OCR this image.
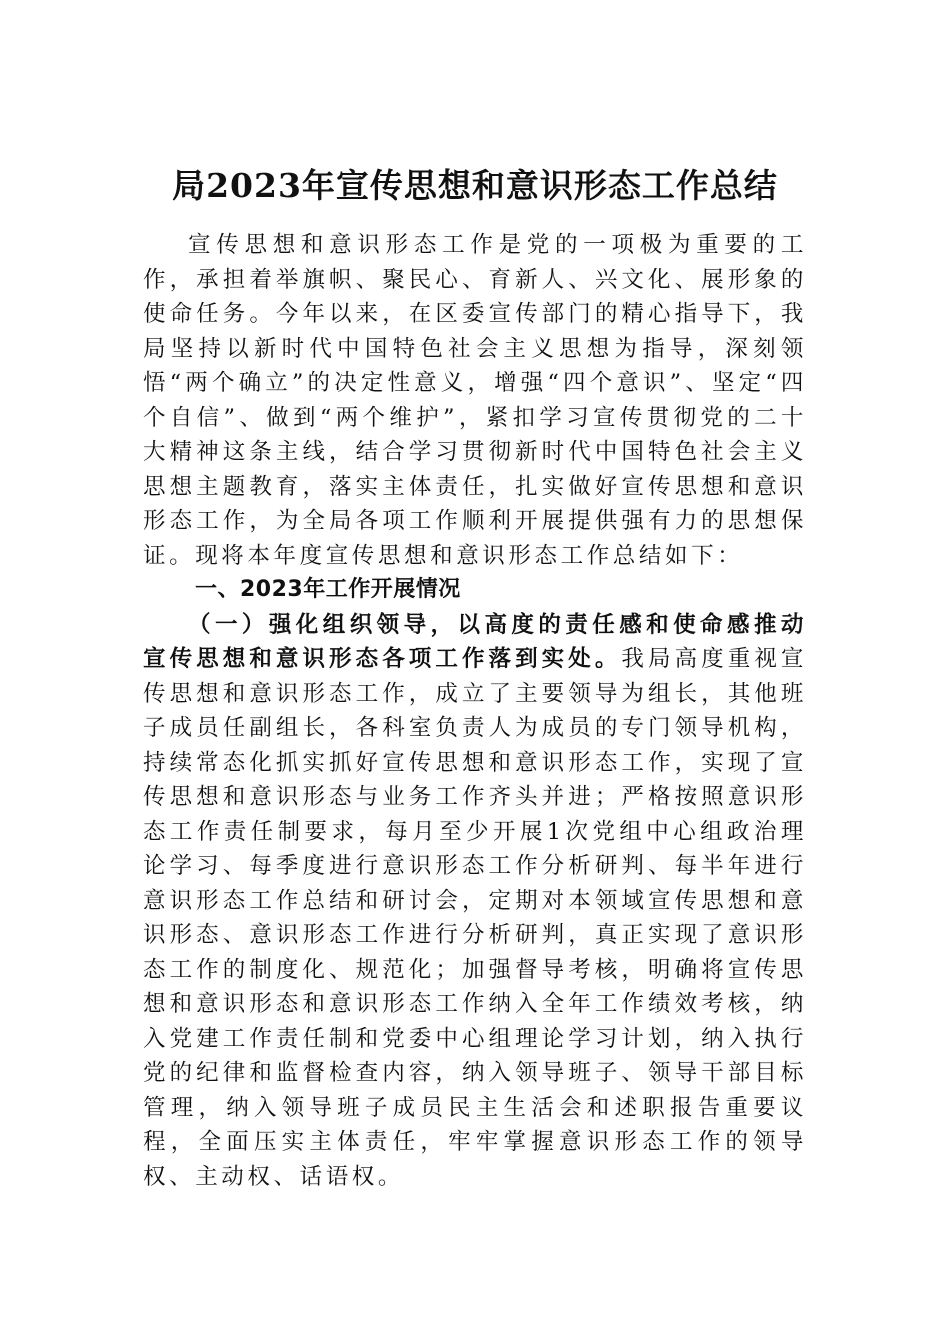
局2023年宣传思想和意识形态工作总结

宣传思想和意识形态工作是党的一项极为重要的工作，承担着举旗帜、聚民心、育新人、兴文化、展形象的使命任务。今年以来，在区委宣传部门的精心指导下，我局坚持以新时代中国特色社会主义思想为指导，深刻领悟“两个确立”的决定性意义，增强“四个意识”、坚定“四个自信”、做到“两个维护”，紧扣学习宣传贯彻党的二十大精神这条主线，结合学习贯彻新时代中国特色社会主义思想主题教育，落实主体责任，扎实做好宣传思想和意识形态工作，为全局各项工作顺利开展提供强有力的思想保证。现将本年度宣传思想和意识形态工作总结如下：

一、2023年工作开展情况

（一）强化组织领导，以高度的责任感和使命感推动宣传思想和意识形态各项工作落到实处。我局高度重视宣传思想和意识形态工作，成立了主要领导为组长，其他班子成员任副组长，各科室负责人为成员的专门领导机构，持续常态化抓实抓好宣传思想和意识形态工作，实现了宣传思想和意识形态与业务工作齐头并进；严格按照意识形态工作责任制要求，每月至少开展1次党组中心组政治理论学习、每季度进行意识形态工作分析研判、每半年进行意识形态工作总结和研讨会，定期对本领域宣传思想和意识形态、意识形态工作进行分析研判，真正实现了意识形态工作的制度化、规范化；加强督导考核，明确将宣传思想和意识形态和意识形态工作纳入全年工作绩效考核，纳入党建工作责任制和党委中心组理论学习计划，纳入执行党的纪律和监督检查内容，纳入领导班子、领导干部目标管理，纳入领导班子成员民主生活会和述职报告重要议程，全面压实主体责任，牢牢掌握意识形态工作的领导权、主动权、话语权。
